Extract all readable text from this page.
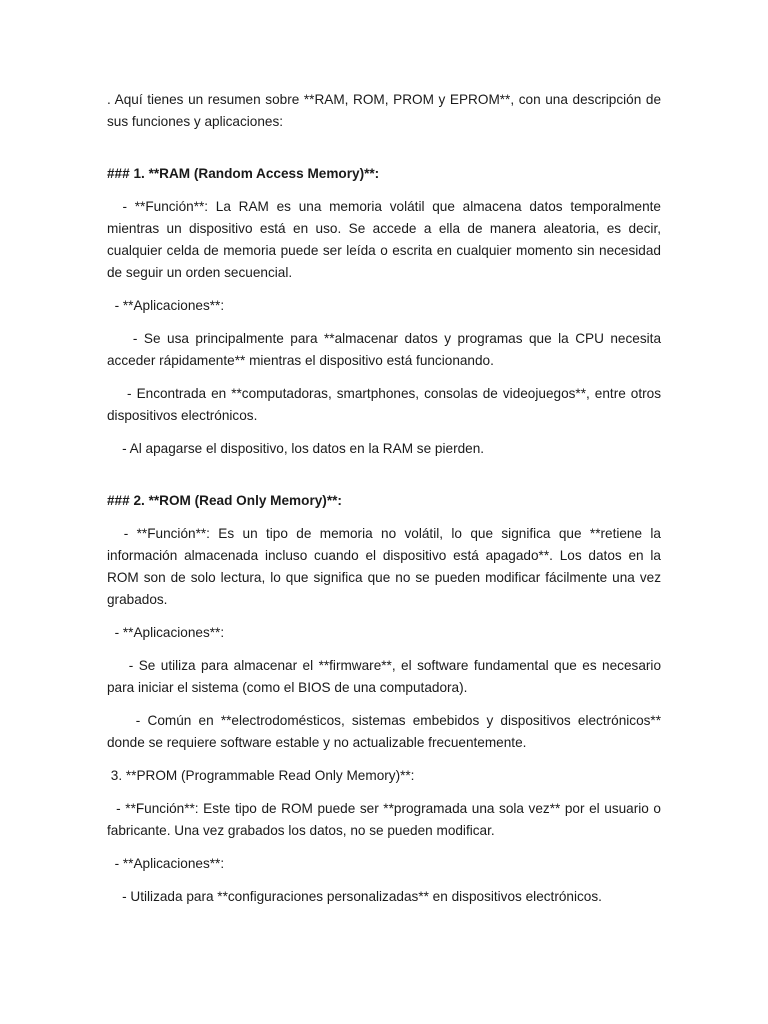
. Aquí tienes un resumen sobre **RAM, ROM, PROM y EPROM**, con una descripción de sus funciones y aplicaciones:

### 1. **RAM (Random Access Memory)**:

- **Función**: La RAM es una memoria volátil que almacena datos temporalmente mientras un dispositivo está en uso. Se accede a ella de manera aleatoria, es decir, cualquier celda de memoria puede ser leída o escrita en cualquier momento sin necesidad de seguir un orden secuencial.

- **Aplicaciones**:

- Se usa principalmente para **almacenar datos y programas que la CPU necesita acceder rápidamente** mientras el dispositivo está funcionando.

- Encontrada en **computadoras, smartphones, consolas de videojuegos**, entre otros dispositivos electrónicos.

- Al apagarse el dispositivo, los datos en la RAM se pierden.

### 2. **ROM (Read Only Memory)**:

- **Función**: Es un tipo de memoria no volátil, lo que significa que **retiene la información almacenada incluso cuando el dispositivo está apagado**. Los datos en la ROM son de solo lectura, lo que significa que no se pueden modificar fácilmente una vez grabados.

- **Aplicaciones**:

- Se utiliza para almacenar el **firmware**, el software fundamental que es necesario para iniciar el sistema (como el BIOS de una computadora).

- Común en **electrodomésticos, sistemas embebidos y dispositivos electrónicos** donde se requiere software estable y no actualizable frecuentemente.

3. **PROM (Programmable Read Only Memory)**:

- **Función**: Este tipo de ROM puede ser **programada una sola vez** por el usuario o fabricante. Una vez grabados los datos, no se pueden modificar.

- **Aplicaciones**:

- Utilizada para **configuraciones personalizadas** en dispositivos electrónicos.
